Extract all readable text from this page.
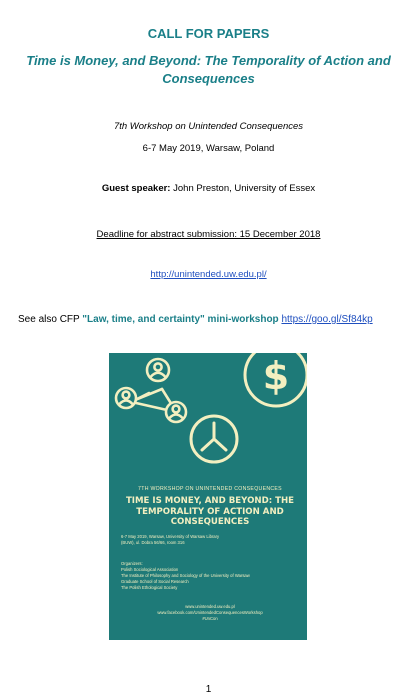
CALL FOR PAPERS
Time is Money, and Beyond: The Temporality of Action and Consequences
7th Workshop on Unintended Consequences
6-7 May 2019, Warsaw, Poland
Guest speaker: John Preston, University of Essex
Deadline for abstract submission: 15 December 2018
http://unintended.uw.edu.pl/
See also CFP "Law, time, and certainty" mini-workshop https://goo.gl/Sf84kp
$
7TH WORKSHOP ON UNINTENDED CONSEQUENCES
TIME IS MONEY, AND BEYOND: THE TEMPORALITY OF ACTION AND CONSEQUENCES
6-7 May 2019, Warsaw, University of Warsaw Library
(BUW), ul. Dobra 56/66, room 316
Organizers:
Polish Sociological Association
The Institute of Philosophy and Sociology of the University of Warsaw
Graduate School of Social Research
The Polish Ethological Society
www.unintended.uw.edu.pl
www.facebook.com/UnintendedConsequencesWorkshop
#UnCon
1
